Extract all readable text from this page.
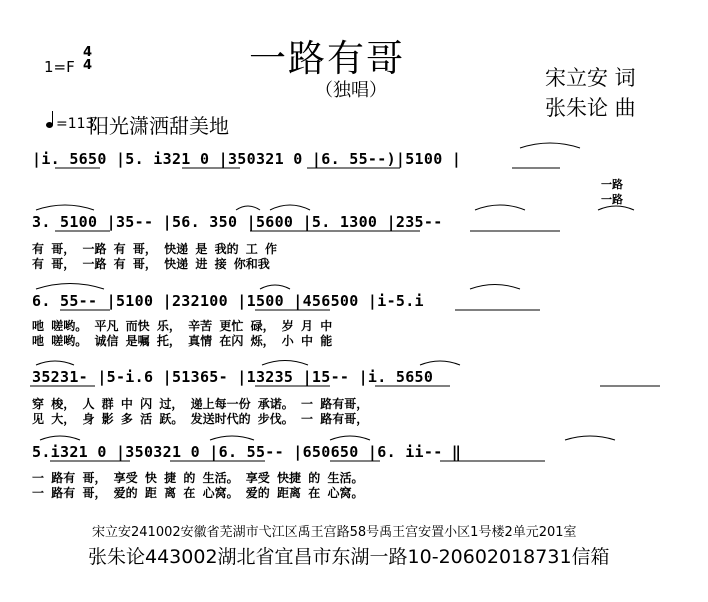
一路有哥
（独唱）
1=F
4
4
宋立安 词
张朱论 曲
=113
阳光潇洒甜美地
|i. 5650 |5. i321 0 |350321 0 |6. 55--)|5100 |
一路
一路
3. 5100 |35-- |56. 350 |5600 |5. 1300 |235--
有 哥， 一路 有 哥， 快递 是 我的 工 作
有 哥， 一路 有 哥， 快递 进 接 你和我
6. 55-- |5100 |232100 |1500 |456500 |i-5.i
吔 嗟哟。 平凡 而快 乐， 辛苦 更忙 碌， 岁 月 中
吔 嗟哟。 诚信 是嘱 托， 真情 在闪 烁， 小 中 能
35231- |5-i.6 |51365- |13235 |15-- |i. 5650
穿 梭， 人 群 中 闪 过， 递上每一份 承诺。 一 路有哥，
见 大， 身 影 多 活 跃。 发送时代的 步伐。 一 路有哥，
5.i321 0 |350321 0 |6. 55-- |650650 |6. ii-- ‖
一 路有 哥， 享受 快 捷 的 生活。 享受 快捷 的 生活。
一 路有 哥， 爱的 距 离 在 心窝。 爱的 距离 在 心窝。
宋立安241002安徽省芜湖市弋江区禹王宫路58号禹王宫安置小区1号楼2单元201室
张朱论443002湖北省宜昌市东湖一路10-20602018731信箱
